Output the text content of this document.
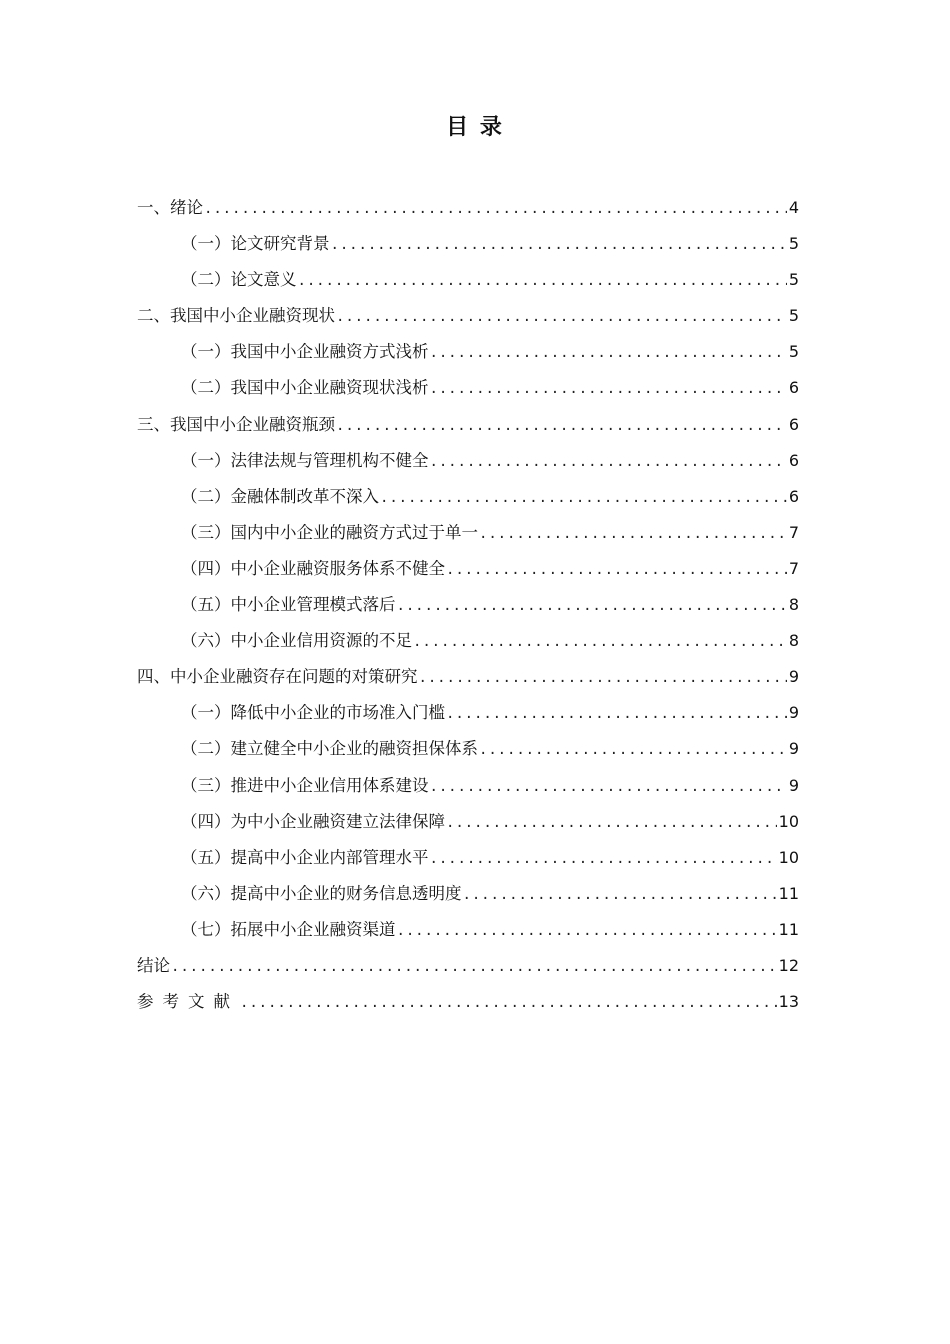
目 录
一、绪论 .....	4
（一）论文研究背景 .....	5
（二）论文意义 .....	5
二、我国中小企业融资现状 .....	5
（一）我国中小企业融资方式浅析 .....	5
（二）我国中小企业融资现状浅析 .....	6
三、我国中小企业融资瓶颈 .....	6
（一）法律法规与管理机构不健全 .....	6
（二）金融体制改革不深入 .....	6
（三）国内中小企业的融资方式过于单一 .....	7
（四）中小企业融资服务体系不健全 .....	7
（五）中小企业管理模式落后 .....	8
（六）中小企业信用资源的不足 .....	8
四、中小企业融资存在问题的对策研究 .....	9
（一）降低中小企业的市场准入门槛 .....	9
（二）建立健全中小企业的融资担保体系 .....	9
（三）推进中小企业信用体系建设 .....	9
（四）为中小企业融资建立法律保障 .....	10
（五）提高中小企业内部管理水平 .....	10
（六）提高中小企业的财务信息透明度 .....	11
（七）拓展中小企业融资渠道 .....	11
结论 .....	12
参考文献 .....	13
